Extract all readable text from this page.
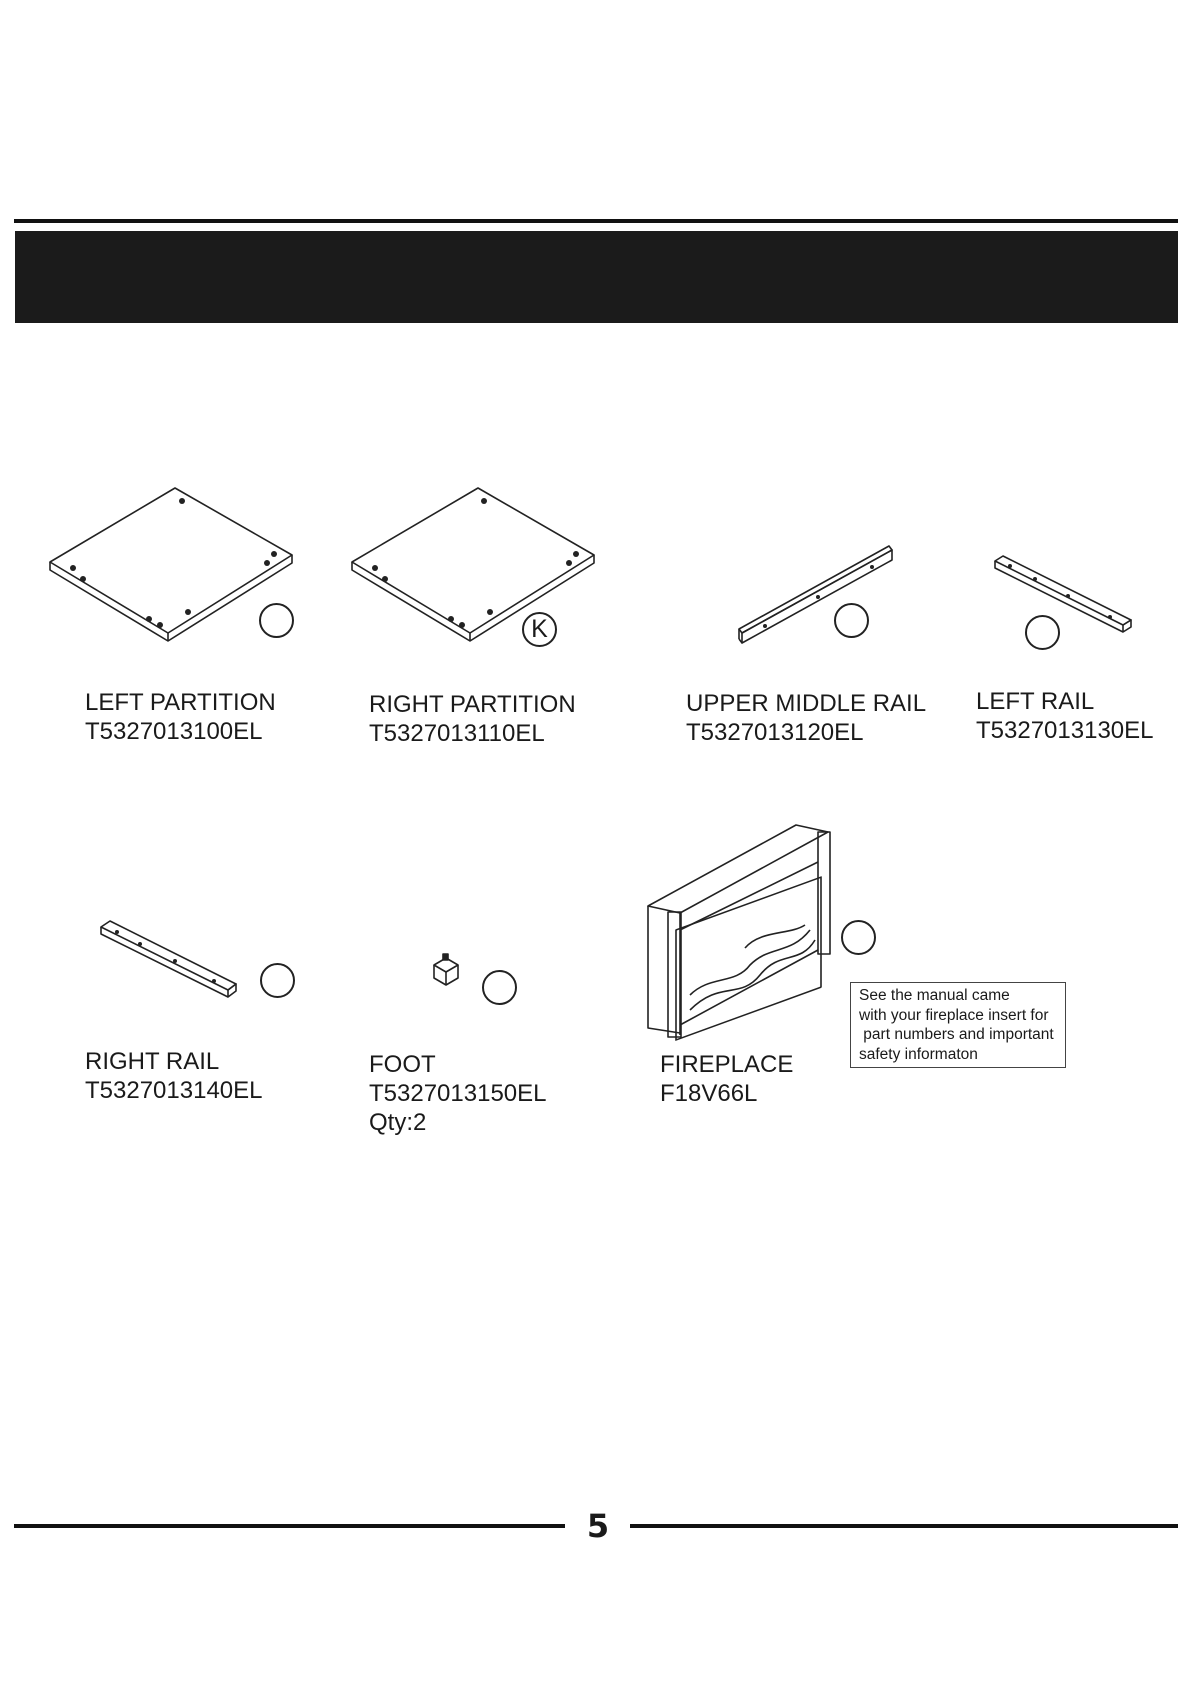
K
LEFT PARTITION
T5327013100EL
RIGHT PARTITION
T5327013110EL
UPPER MIDDLE RAIL
T5327013120EL
LEFT RAIL
T5327013130EL
RIGHT RAIL
T5327013140EL
FOOT
T5327013150EL
Qty:2
FIREPLACE
F18V66L
See the manual came
with your fireplace insert for
part numbers and important
safety informaton
5
